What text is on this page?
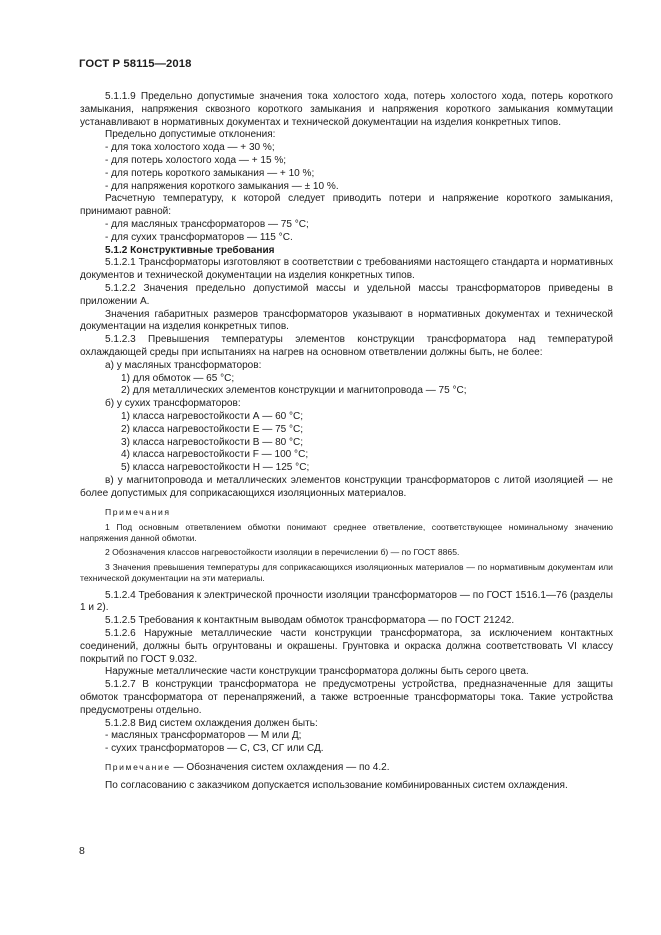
ГОСТ Р 58115—2018

5.1.1.9 Предельно допустимые значения тока холостого хода, потерь холостого хода, потерь короткого замыкания, напряжения сквозного короткого замыкания и напряжения короткого замыкания коммутации устанавливают в нормативных документах и технической документации на изделия конкретных типов.

Предельно допустимые отклонения:

- для тока холостого хода — + 30 %;

- для потерь холостого хода — + 15 %;

- для потерь короткого замыкания — + 10 %;

- для напряжения короткого замыкания — ± 10 %.

Расчетную температуру, к которой следует приводить потери и напряжение короткого замыкания, принимают равной:

- для масляных трансформаторов — 75 °С;

- для сухих трансформаторов — 115 °С.

5.1.2 Конструктивные требования

5.1.2.1 Трансформаторы изготовляют в соответствии с требованиями настоящего стандарта и нормативных документов и технической документации на изделия конкретных типов.

5.1.2.2 Значения предельно допустимой массы и удельной массы трансформаторов приведены в приложении А.

Значения габаритных размеров трансформаторов указывают в нормативных документах и технической документации на изделия конкретных типов.

5.1.2.3 Превышения температуры элементов конструкции трансформатора над температурой охлаждающей среды при испытаниях на нагрев на основном ответвлении должны быть, не более:

а) у масляных трансформаторов:

1) для обмоток — 65 °С;

2) для металлических элементов конструкции и магнитопровода — 75 °С;

б) у сухих трансформаторов:

1) класса нагревостойкости А — 60 °С;

2) класса нагревостойкости Е — 75 °С;

3) класса нагревостойкости В — 80 °С;

4) класса нагревостойкости F — 100 °С;

5) класса нагревостойкости Н — 125 °С;

в) у магнитопровода и металлических элементов конструкции трансформаторов с литой изоляцией — не более допустимых для соприкасающихся изоляционных материалов.

Примечания

1 Под основным ответвлением обмотки понимают среднее ответвление, соответствующее номинальному значению напряжения данной обмотки.

2 Обозначения классов нагревостойкости изоляции в перечислении б) — по ГОСТ 8865.

3 Значения превышения температуры для соприкасающихся изоляционных материалов — по нормативным документам или технической документации на эти материалы.

5.1.2.4 Требования к электрической прочности изоляции трансформаторов — по ГОСТ 1516.1—76 (разделы 1 и 2).

5.1.2.5 Требования к контактным выводам обмоток трансформатора — по ГОСТ 21242.

5.1.2.6 Наружные металлические части конструкции трансформатора, за исключением контактных соединений, должны быть огрунтованы и окрашены. Грунтовка и окраска должна соответствовать VI классу покрытий по ГОСТ 9.032.

Наружные металлические части конструкции трансформатора должны быть серого цвета.

5.1.2.7 В конструкции трансформатора не предусмотрены устройства, предназначенные для защиты обмоток трансформатора от перенапряжений, а также встроенные трансформаторы тока. Такие устройства предусмотрены отдельно.

5.1.2.8 Вид систем охлаждения должен быть:

- масляных трансформаторов — М или Д;

- сухих трансформаторов — С, СЗ, СГ или СД.

Примечание — Обозначения систем охлаждения — по 4.2.

По согласованию с заказчиком допускается использование комбинированных систем охлаждения.

8
